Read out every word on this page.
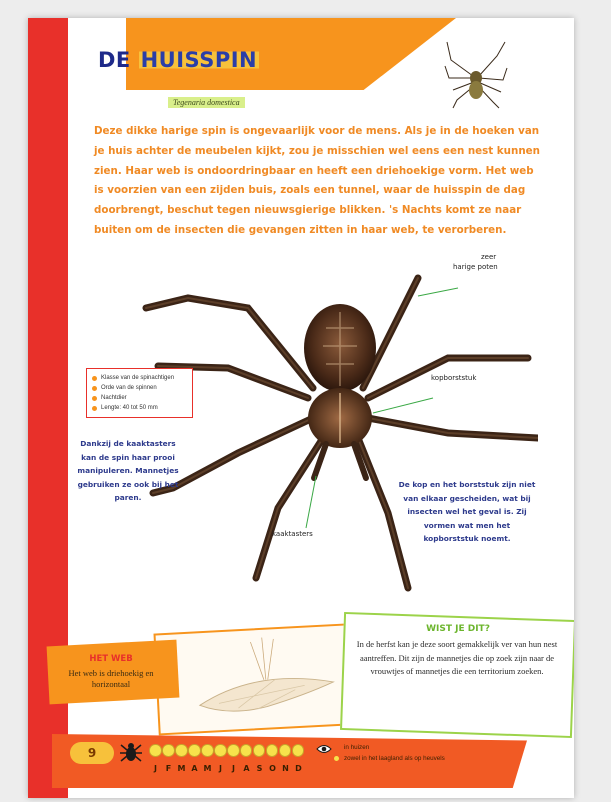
DE HUISSPIN
Tegenaria domestica

Deze dikke harige spin is ongevaarlijk voor de mens. Als je in de hoeken van je huis achter de meubelen kijkt, zou je misschien wel eens een nest kunnen zien. Haar web is ondoordringbaar en heeft een driehoekige vorm. Het web is voorzien van een zijden buis, zoals een tunnel, waar de huisspin de dag doorbrengt, beschut tegen nieuwsgierige blikken. 's Nachts komt ze naar buiten om de insecten die gevangen zitten in haar web, te verorberen.

zeer
harige poten
kopborststuk
kaaktasters
Klasse van de spinachtigen
Orde van de spinnen
Nachtdier
Lengte: 40 tot 50 mm

Dankzij de kaaktasters kan de spin haar prooi manipuleren. Mannetjes gebruiken ze ook bij het paren.

De kop en het borststuk zijn niet van elkaar gescheiden, wat bij insecten wel het geval is. Zij vormen wat men het kopborststuk noemt.

HET WEB
Het web is driehoekig en horizontaal
WIST JE DIT?

In de herfst kan je deze soort gemakkelijk ver van hun nest aantreffen. Dit zijn de mannetjes die op zoek zijn naar de vrouwtjes of mannetjes die een territorium zoeken.

9
J	F M A M J	J	A S O N D
in huizen
zowel in het laagland als op heuvels
